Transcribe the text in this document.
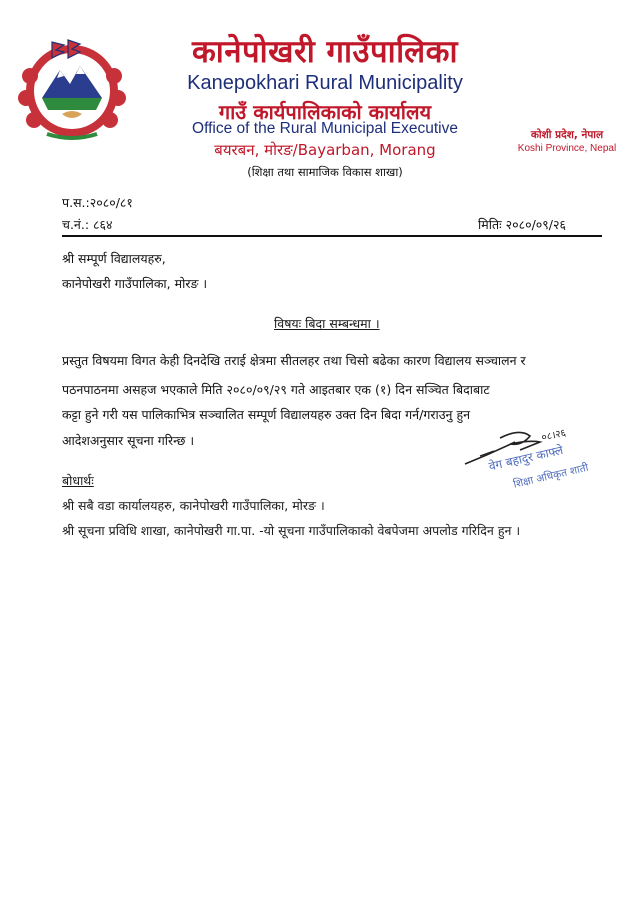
कानेपोखरी गाउँपालिका
Kanepokhari Rural Municipality
गाउँ कार्यपालिकाको कार्यालय
Office of the Rural Municipal Executive
बयरबन, मोरङ/Bayarban, Morang
(शिक्षा तथा सामाजिक विकास शाखा)
कोशी प्रदेश, नेपाल
Koshi Province, Nepal
प.स.:२०८०/८१
च.नं.: ८६४	मितिः २०८०/०९/२६
श्री सम्पूर्ण विद्यालयहरु,
कानेपोखरी गाउँपालिका, मोरङ ।
विषयः बिदा सम्बन्धमा ।
प्रस्तुत विषयमा विगत केही दिनदेखि तराई क्षेत्रमा सीतलहर तथा चिसो बढेका कारण विद्यालय सञ्चालन र
पठनपाठनमा असहज भएकाले मिति २०८०/०९/२९ गते आइतबार एक (१) दिन सञ्चित बिदाबाट
कट्टा हुने गरी यस पालिकाभित्र सञ्चालित सम्पूर्ण विद्यालयहरु उक्त दिन बिदा गर्न/गराउनु हुन
आदेशअनुसार सूचना गरिन्छ ।	०८।२६
वेग बहादुर काफ्ले
शिक्षा अधिकृत शाती
बोधार्थः
श्री सबै वडा कार्यालयहरु, कानेपोखरी गाउँपालिका, मोरङ ।
श्री सूचना प्रविधि शाखा, कानेपोखरी गा.पा. -यो सूचना गाउँपालिकाको वेबपेजमा अपलोड गरिदिन हुन ।
